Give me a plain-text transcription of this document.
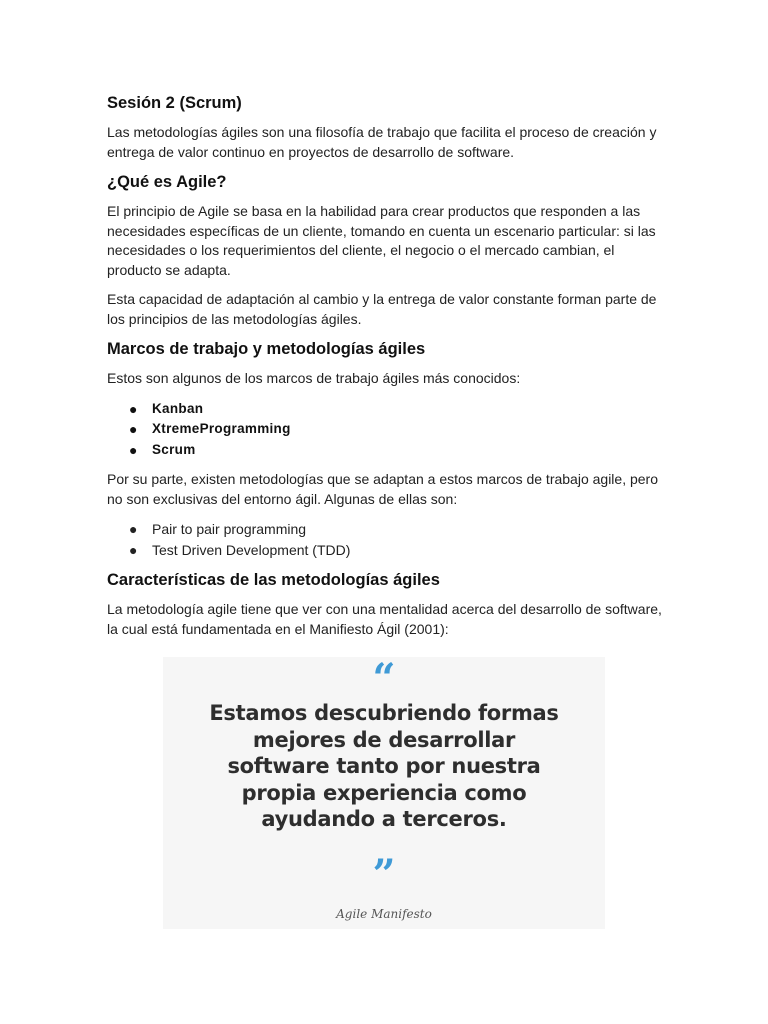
Sesión 2 (Scrum)

Las metodologías ágiles son una filosofía de trabajo que facilita el proceso de creación y entrega de valor continuo en proyectos de desarrollo de software.

¿Qué es Agile?

El principio de Agile se basa en la habilidad para crear productos que responden a las necesidades específicas de un cliente, tomando en cuenta un escenario particular: si las necesidades o los requerimientos del cliente, el negocio o el mercado cambian, el producto se adapta.

Esta capacidad de adaptación al cambio y la entrega de valor constante forman parte de los principios de las metodologías ágiles.

Marcos de trabajo y metodologías ágiles

Estos son algunos de los marcos de trabajo ágiles más conocidos:

● Kanban
● XtremeProgramming
● Scrum

Por su parte, existen metodologías que se adaptan a estos marcos de trabajo agile, pero no son exclusivas del entorno ágil. Algunas de ellas son:

● Pair to pair programming
● Test Driven Development (TDD)
Características de las metodologías ágiles

La metodología agile tiene que ver con una mentalidad acerca del desarrollo de software, la cual está fundamentada en el Manifiesto Ágil (2001):

“
Estamos descubriendo formas
mejores de desarrollar
software tanto por nuestra
propia experiencia como
ayudando a terceros.
”
Agile Manifesto
